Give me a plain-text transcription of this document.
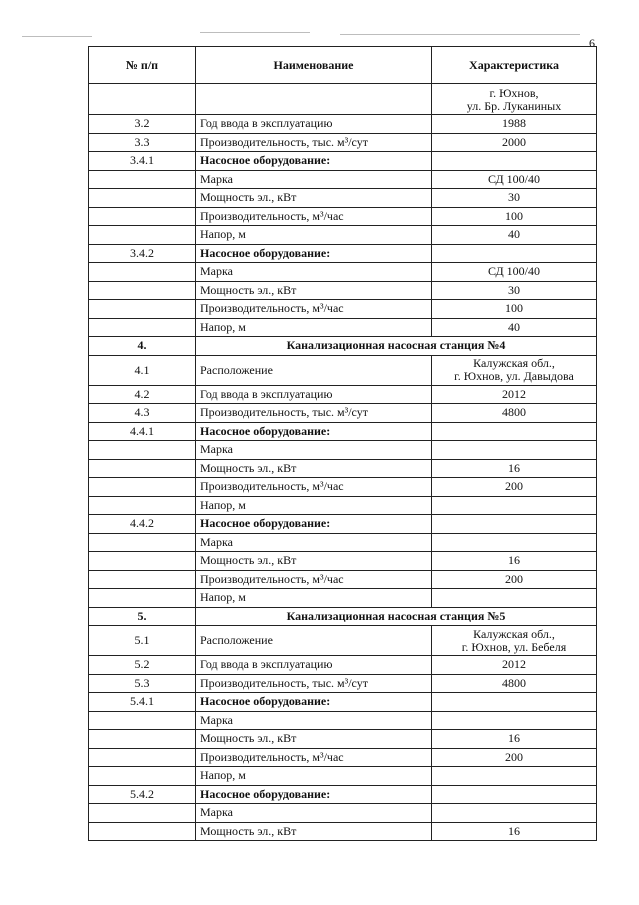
6
№ п/п	Наименование	Характеристика

		г. Юхнов,
ул. Бр. Луканиных

3.2	Год ввода в эксплуатацию	1988
3.3	Производительность, тыс. м³/сут	2000
3.4.1	Насосное оборудование:	
	Марка	СД 100/40
	Мощность эл., кВт	30
	Производительность, м³/час	100
	Напор, м	40
3.4.2	Насосное оборудование:	
	Марка	СД 100/40
	Мощность эл., кВт	30
	Производительность, м³/час	100
	Напор, м	40
4.	Канализационная насосная станция №4	
4.1	Расположение	Калужская обл.,
г. Юхнов, ул. Давыдова

4.2	Год ввода в эксплуатацию	2012
4.3	Производительность, тыс. м³/сут	4800
4.4.1	Насосное оборудование:	
	Марка	
	Мощность эл., кВт	16
	Производительность, м³/час	200
	Напор, м	
4.4.2	Насосное оборудование:	
	Марка	
	Мощность эл., кВт	16
	Производительность, м³/час	200
	Напор, м	
5.	Канализационная насосная станция №5	
5.1	Расположение	Калужская обл.,
г. Юхнов, ул. Бебеля

5.2	Год ввода в эксплуатацию	2012
5.3	Производительность, тыс. м³/сут	4800
5.4.1	Насосное оборудование:	
	Марка	
	Мощность эл., кВт	16
	Производительность, м³/час	200
	Напор, м	
5.4.2	Насосное оборудование:	
	Марка	
	Мощность эл., кВт	16
